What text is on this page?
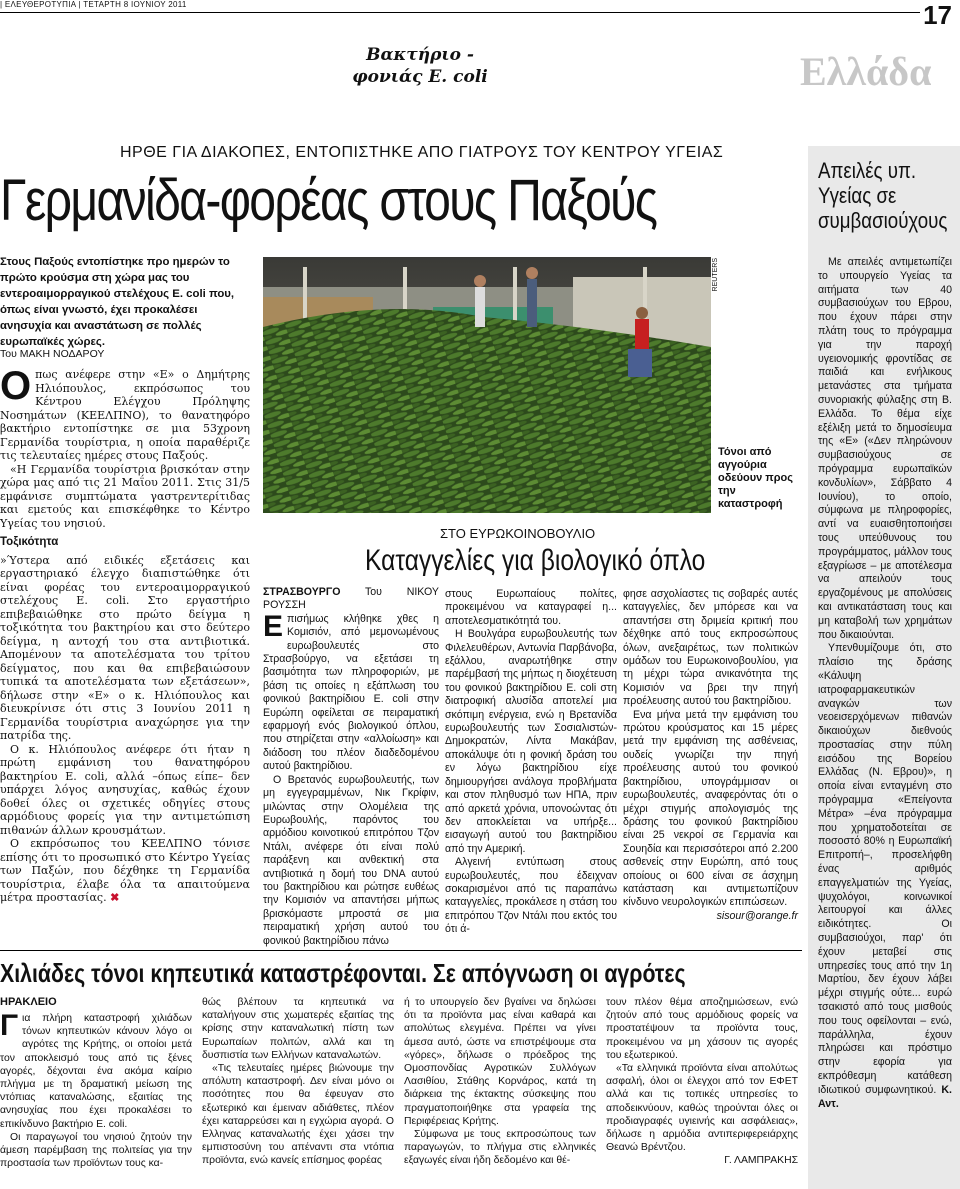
| ΕΛΕΥΘΕΡΟΤΥΠΙΑ | ΤΕΤΑΡΤΗ 8 ΙΟΥΝΙΟΥ 2011	17
Βακτήριο -
φονιάς E. coli	Ελλάδα
ΗΡΘΕ ΓΙΑ ΔΙΑΚΟΠΕΣ, ΕΝΤΟΠΙΣΤΗΚΕ ΑΠΟ ΓΙΑΤΡΟΥΣ ΤΟΥ ΚΕΝΤΡΟΥ ΥΓΕΙΑΣ
Γερμανίδα-φορέας στους Παξούς
Στους Παξούς εντοπίστηκε προ ημερών το πρώτο κρούσμα στη χώρα μας του εντεροαιμορραγικού στελέχους E. coli που, όπως είναι γνωστό, έχει προκαλέσει ανησυχία και αναστάτωση σε πολλές ευρωπαϊκές χώρες.
Του ΜΑΚΗ ΝΟΔΑΡΟΥ

Οπως ανέφερε στην «Ε» ο Δημήτρης Ηλιόπουλος, εκπρόσωπος του Κέντρου Ελέγχου Πρόληψης Νοσημάτων (ΚΕΕΛΠΝΟ), το θανατηφόρο βακτήριο εντοπίστηκε σε μια 53χρονη Γερμανίδα τουρίστρια, η οποία παραθέριζε τις τελευταίες ημέρες στους Παξούς.

«Η Γερμανίδα τουρίστρια βρισκόταν στην χώρα μας από τις 21 Μαΐου 2011. Στις 31/5 εμφάνισε συμπτώματα γαστρεντερίτιδας και εμετούς και επισκέφθηκε το Κέντρο Υγείας του νησιού.

Τοξικότητα

»Ύστερα από ειδικές εξετάσεις και εργαστηριακό έλεγχο διαπιστώθηκε ότι είναι φορέας του εντεροαιμορραγικού στελέχους E. coli. Στο εργαστήριο επιβεβαιώθηκε στο πρώτο δείγμα η τοξικότητα του βακτηρίου και στο δεύτερο δείγμα, η αντοχή του στα αντιβιοτικά. Απομένουν τα αποτελέσματα του τρίτου δείγματος, που και θα επιβεβαιώσουν τυπικά τα αποτελέσματα των εξετάσεων», δήλωσε στην «Ε» ο κ. Ηλιόπουλος και διευκρίνισε ότι στις 3 Ιουνίου 2011 η Γερμανίδα τουρίστρια αναχώρησε για την πατρίδα της.

Ο κ. Ηλιόπουλος ανέφερε ότι ήταν η πρώτη εμφάνιση του θανατηφόρου βακτηρίου E. coli, αλλά –όπως είπε– δεν υπάρχει λόγος ανησυχίας, καθώς έχουν δοθεί όλες οι σχετικές οδηγίες στους αρμόδιους φορείς για την αντιμετώπιση πιθανών άλλων κρουσμάτων.

Ο εκπρόσωπος του ΚΕΕΛΠΝΟ τόνισε επίσης ότι το προσωπικό στο Κέντρο Υγείας των Παξών, που δέχθηκε τη Γερμανίδα τουρίστρια, έλαβε όλα τα απαιτούμενα μέτρα προστασίας. ✖

REUTERS
Τόνοι από αγγούρια οδεύουν προς την καταστροφή
ΣΤΟ ΕΥΡΩΚΟΙΝΟΒΟΥΛΙΟ
Καταγγελίες για βιολογικό όπλο

ΣΤΡΑΣΒΟΥΡΓΟ Του ΝΙΚΟΥ ΡΟΥΣΣΗ

Επισήμως κλήθηκε χθες η Κομισιόν, από μεμονωμένους ευρωβουλευτές στο Στρασβούργο, να εξετάσει τη βασιμότητα των πληροφοριών, με βάση τις οποίες η εξάπλωση του φονικού βακτηρίδιου E. coli στην Ευρώπη οφείλεται σε πειραματική εφαρμογή ενός βιολογικού όπλου, που στηρίζεται στην «αλλοίωση» και διάδοση του πλέον διαδεδομένου αυτού βακτηρίδιου.

Ο Βρετανός ευρωβουλευτής, των μη εγγεγραμμένων, Νικ Γκρίφιν, μιλώντας στην Ολομέλεια της Ευρωβουλής, παρόντος του αρμόδιου κοινοτικού επιτρόπου Τζον Ντάλι, ανέφερε ότι είναι πολύ παράξενη και ανθεκτική στα αντιβιοτικά η δομή του DNA αυτού του βακτηρίδιου και ρώτησε ευθέως την Κομισιόν να απαντήσει μήπως βρισκόμαστε μπροστά σε μια πειραματική χρήση αυτού του φονικού βακτηρίδιου πάνω

στους Ευρωπαίους πολίτες, προκειμένου να καταγραφεί η... αποτελεσματικότητά του.

Η Βουλγάρα ευρωβουλευτής των Φιλελευθέρων, Αντωνία Παρβάνοβα, εξάλλου, αναρωτήθηκε στην παρέμβασή της μήπως η διοχέτευση του φονικού βακτηρίδιου E. coli στη διατροφική αλυσίδα αποτελεί μια σκόπιμη ενέργεια, ενώ η Βρετανίδα ευρωβουλευτής των Σοσιαλιστών-Δημοκρατών, Λίντα Μακάβαν, αποκάλυψε ότι η φονική δράση του εν λόγω βακτηρίδιου είχε δημιουργήσει ανάλογα προβλήματα και στον πληθυσμό των ΗΠΑ, πριν από αρκετά χρόνια, υπονοώντας ότι δεν αποκλείεται να υπήρξε... εισαγωγή αυτού του βακτηρίδιου από την Αμερική.

Αλγεινή εντύπωση στους ευρωβουλευτές, που έδειχναν σοκαρισμένοι από τις παραπάνω καταγγελίες, προκάλεσε η στάση του επιτρόπου Τζον Ντάλι που εκτός του ότι ά-

φησε ασχολίαστες τις σοβαρές αυτές καταγγελίες, δεν μπόρεσε και να απαντήσει στη δριμεία κριτική που δέχθηκε από τους εκπροσώπους όλων, ανεξαιρέτως, των πολιτικών ομάδων του Ευρωκοινοβουλίου, για τη μέχρι τώρα ανικανότητα της Κομισιόν να βρει την πηγή προέλευσης αυτού του βακτηρίδιου.

Ενα μήνα μετά την εμφάνιση του πρώτου κρούσματος και 15 μέρες μετά την εμφάνιση της ασθένειας, ουδείς γνωρίζει την πηγή προέλευσης αυτού του φονικού βακτηρίδιου, υπογράμμισαν οι ευρωβουλευτές, αναφερόντας ότι ο μέχρι στιγμής απολογισμός της δράσης του φονικού βακτηρίδιου είναι 25 νεκροί σε Γερμανία και Σουηδία και περισσότεροι από 2.200 ασθενείς στην Ευρώπη, από τους οποίους οι 600 είναι σε άσχημη κατάσταση και αντιμετωπίζουν κίνδυνο νευρολογικών επιπώσεων.

sisour@orange.fr

Απειλές υπ. Υγείας σε συμβασιούχους

Με απειλές αντιμετωπίζει το υπουργείο Υγείας τα αιτήματα των 40 συμβασιούχων του Εβρου, που έχουν πάρει στην πλάτη τους το πρόγραμμα για την παροχή υγειονομικής φροντίδας σε παιδιά και ενήλικους μετανάστες στα τμήματα συνοριακής φύλαξης στη Β. Ελλάδα. Το θέμα είχε εξέλιξη μετά το δημοσίευμα της «Ε» («Δεν πληρώνουν συμβασιούχους σε πρόγραμμα ευρωπαϊκών κονδυλίων», Σάββατο 4 Ιουνίου), το οποίο, σύμφωνα με πληροφορίες, αντί να ευαισθητοποιήσει τους υπεύθυνους του προγράμματος, μάλλον τους εξαγρίωσε – με αποτέλεσμα να απειλούν τους εργαζομένους με απολύσεις και αντικατάσταση τους και μη καταβολή των χρημάτων που δικαιούνται.

Υπενθυμίζουμε ότι, στο πλαίσιο της δράσης «Κάλυψη ιατροφαρμακευτικών αναγκών των νεοεισερχόμενων πιθανών δικαιούχων διεθνούς προστασίας στην πύλη εισόδου της Βορείου Ελλάδας (Ν. Εβρου)», η οποία είναι ενταγμένη στο πρόγραμμα «Επείγοντα Μέτρα» –ένα πρόγραμμα που χρηματοδοτείται σε ποσοστό 80% η Ευρωπαϊκή Επιτροπή–, προσελήφθη ένας αριθμός επαγγελματιών της Υγείας, ψυχολόγοι, κοινωνικοί λειτουργοί και άλλες ειδικότητες. Οι συμβασιούχοι, παρ' ότι έχουν μεταβεί στις υπηρεσίες τους από την 1η Μαρτίου, δεν έχουν λάβει μέχρι στιγμής ούτε... ευρώ τσακιστό από τους μισθούς που τους οφείλονται – ενώ, παράλληλα, έχουν πληρώσει και πρόστιμο στην εφορία για εκπρόθεσμη κατάθεση ιδιωτικού συμφωνητικού. Κ. Αντ.

Χιλιάδες τόνοι κηπευτικά καταστρέφονται. Σε απόγνωση οι αγρότες
ΗΡΑΚΛΕΙΟ

Για πλήρη καταστροφή χιλιάδων τόνων κηπευτικών κάνουν λόγο οι αγρότες της Κρήτης, οι οποίοι μετά τον αποκλεισμό τους από τις ξένες αγορές, δέχονται ένα ακόμα καίριο πλήγμα με τη δραματική μείωση της ντόπιας καταναλώσης, εξαιτίας της ανησυχίας που έχει προκαλέσει το επικίνδυνο βακτήριο E. coli.

Οι παραγωγοί του νησιού ζητούν την άμεση παρέμβαση της πολιτείας για την προστασία των προϊόντων τους κα-

θώς βλέπουν τα κηπευτικά να καταλήγουν στις χωματερές εξαιτίας της κρίσης στην καταναλωτική πίστη των Ευρωπαίων πολιτών, αλλά και τη δυσπιστία των Ελλήνων καταναλωτών.

«Τις τελευταίες ημέρες βιώνουμε την απόλυτη καταστροφή. Δεν είναι μόνο οι ποσότητες που θα έφευγαν στο εξωτερικό και έμειναν αδιάθετες, πλέον έχει καταρρεύσει και η εγχώρια αγορά. Ο Ελληνας καταναλωτής έχει χάσει την εμπιστοσύνη του απέναντι στα ντόπια προϊόντα, ενώ κανείς επίσημος φορέας

ή το υπουργείο δεν βγαίνει να δηλώσει ότι τα προϊόντα μας είναι καθαρά και απολύτως ελεγμένα. Πρέπει να γίνει άμεσα αυτό, ώστε να επιστρέψουμε στα «γόρες», δήλωσε ο πρόεδρος της Ομοσπονδίας Αγροτικών Συλλόγων Λασιθίου, Στάθης Κορνάρος, κατά τη διάρκεια της έκτακτης σύσκεψης που πραγματοποιήθηκε στα γραφεία της Περιφέρειας Κρήτης.

Σύμφωνα με τους εκπροσώπους των παραγωγών, το πλήγμα στις ελληνικές εξαγωγές είναι ήδη δεδομένο και θέ-

τουν πλέον θέμα αποζημιώσεων, ενώ ζητούν από τους αρμόδιους φορείς να προστατέψουν τα προϊόντα τους, προκειμένου να μη χάσουν τις αγορές του εξωτερικού.

«Τα ελληνικά προϊόντα είναι απολύτως ασφαλή, όλοι οι έλεγχοι από τον ΕΦΕΤ αλλά και τις τοπικές υπηρεσίες το αποδεικνύουν, καθώς τηρούνται όλες οι προδιαγραφές υγιεινής και ασφάλειας», δήλωσε η αρμόδια αντιπεριφερειάρχης Θεανώ Βρέντζου.

Γ. ΛΑΜΠΡΑΚΗΣ
